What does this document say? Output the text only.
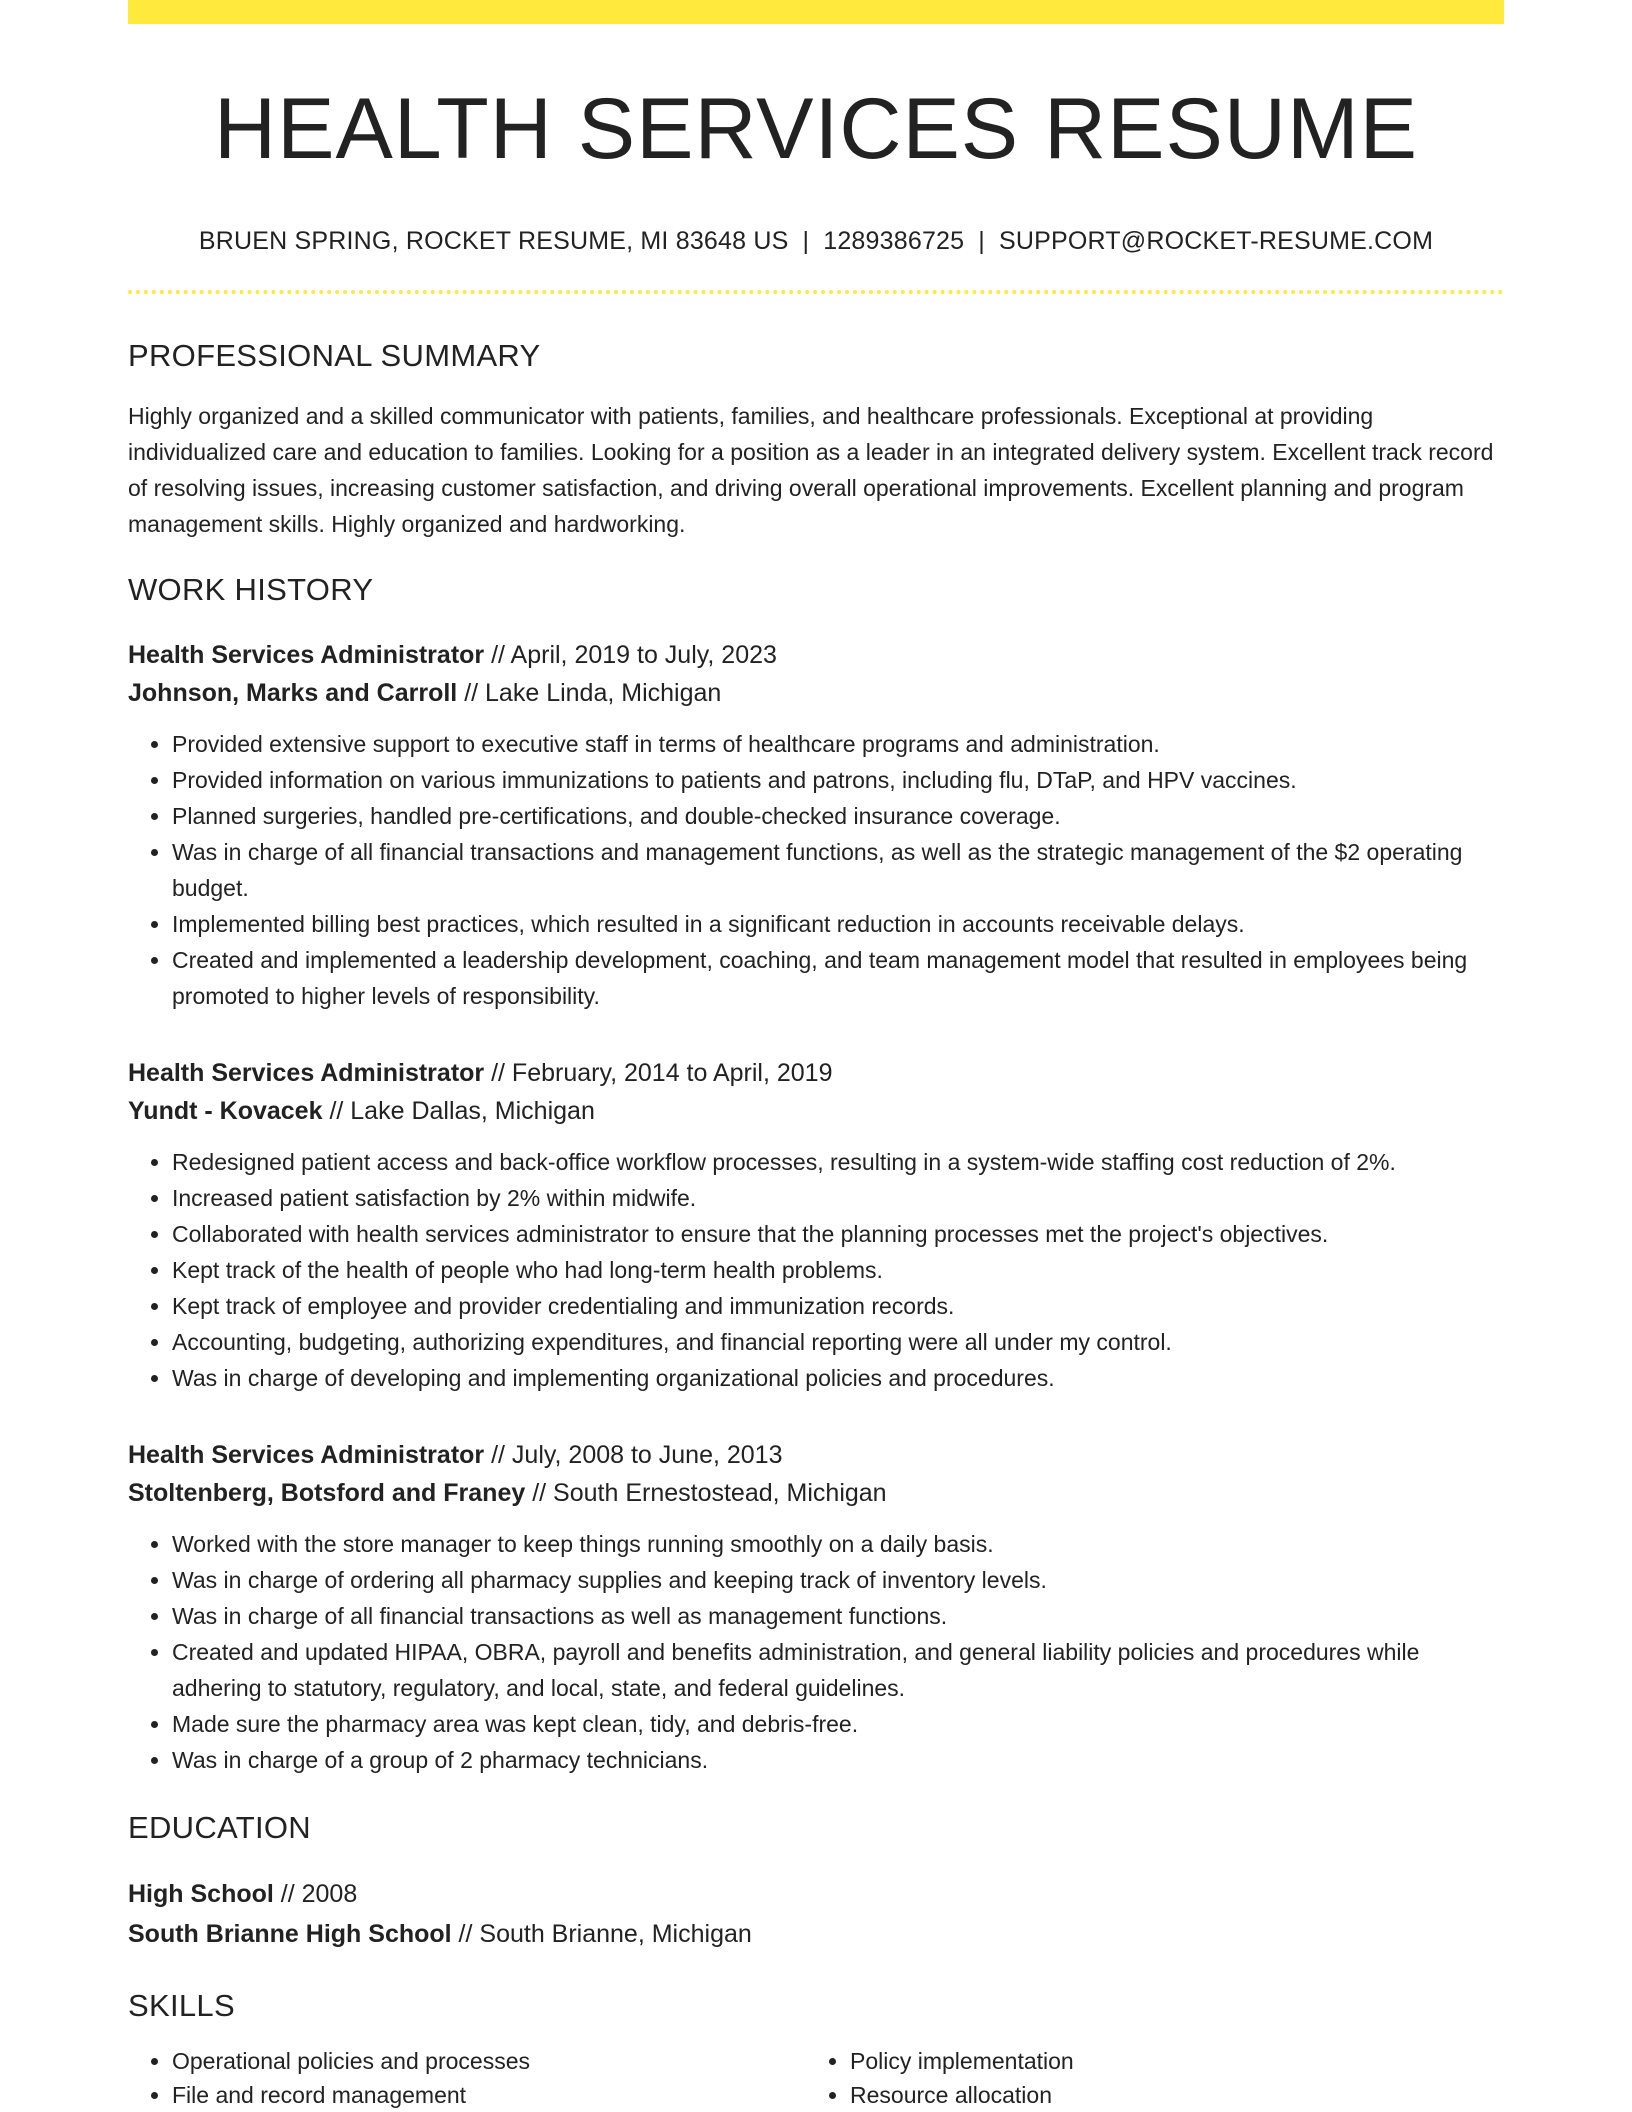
HEALTH SERVICES RESUME
BRUEN SPRING, ROCKET RESUME, MI 83648 US | 1289386725 | SUPPORT@ROCKET-RESUME.COM
PROFESSIONAL SUMMARY
Highly organized and a skilled communicator with patients, families, and healthcare professionals. Exceptional at providing individualized care and education to families. Looking for a position as a leader in an integrated delivery system. Excellent track record of resolving issues, increasing customer satisfaction, and driving overall operational improvements. Excellent planning and program management skills. Highly organized and hardworking.
WORK HISTORY
Health Services Administrator // April, 2019 to July, 2023
Johnson, Marks and Carroll // Lake Linda, Michigan
• Provided extensive support to executive staff in terms of healthcare programs and administration.
• Provided information on various immunizations to patients and patrons, including flu, DTaP, and HPV vaccines.
• Planned surgeries, handled pre-certifications, and double-checked insurance coverage.
• Was in charge of all financial transactions and management functions, as well as the strategic management of the $2 operating budget.
• Implemented billing best practices, which resulted in a significant reduction in accounts receivable delays.
• Created and implemented a leadership development, coaching, and team management model that resulted in employees being promoted to higher levels of responsibility.
Health Services Administrator // February, 2014 to April, 2019
Yundt - Kovacek // Lake Dallas, Michigan
• Redesigned patient access and back-office workflow processes, resulting in a system-wide staffing cost reduction of 2%.
• Increased patient satisfaction by 2% within midwife.
• Collaborated with health services administrator to ensure that the planning processes met the project's objectives.
• Kept track of the health of people who had long-term health problems.
• Kept track of employee and provider credentialing and immunization records.
• Accounting, budgeting, authorizing expenditures, and financial reporting were all under my control.
• Was in charge of developing and implementing organizational policies and procedures.
Health Services Administrator // July, 2008 to June, 2013
Stoltenberg, Botsford and Franey // South Ernestostead, Michigan
• Worked with the store manager to keep things running smoothly on a daily basis.
• Was in charge of ordering all pharmacy supplies and keeping track of inventory levels.
• Was in charge of all financial transactions as well as management functions.
• Created and updated HIPAA, OBRA, payroll and benefits administration, and general liability policies and procedures while adhering to statutory, regulatory, and local, state, and federal guidelines.
• Made sure the pharmacy area was kept clean, tidy, and debris-free.
• Was in charge of a group of 2 pharmacy technicians.
EDUCATION
High School // 2008
South Brianne High School // South Brianne, Michigan
SKILLS
• Operational policies and processes
• File and record management
• Policy implementation
• Resource allocation
